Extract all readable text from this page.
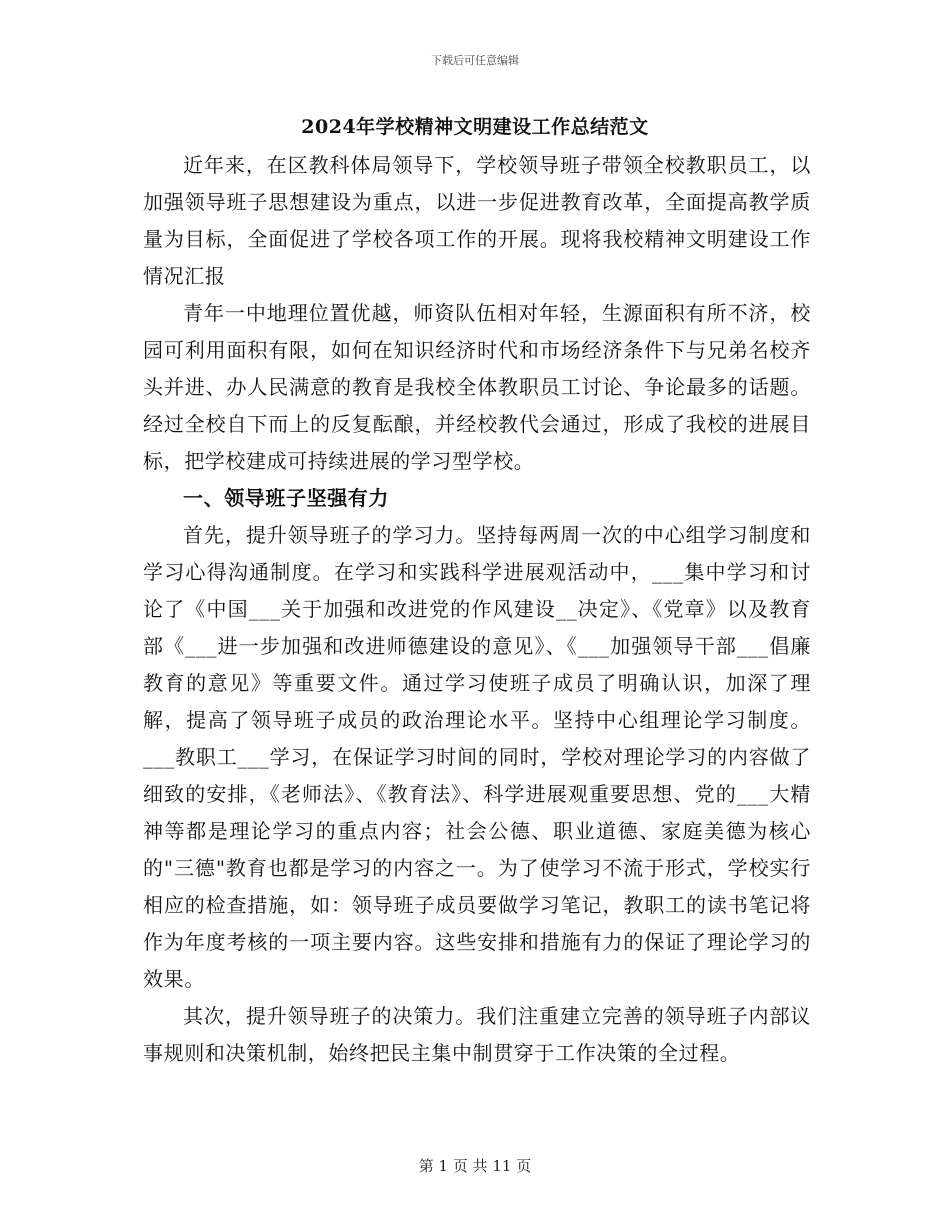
下载后可任意编辑
2024年学校精神文明建设工作总结范文

近年来，在区教科体局领导下，学校领导班子带领全校教职员工，以加强领导班子思想建设为重点，以进一步促进教育改革，全面提高教学质量为目标，全面促进了学校各项工作的开展。现将我校精神文明建设工作情况汇报

青年一中地理位置优越，师资队伍相对年轻，生源面积有所不济，校园可利用面积有限，如何在知识经济时代和市场经济条件下与兄弟名校齐头并进、办人民满意的教育是我校全体教职员工讨论、争论最多的话题。经过全校自下而上的反复酝酿，并经校教代会通过，形成了我校的进展目标，把学校建成可持续进展的学习型学校。

一、领导班子坚强有力

首先，提升领导班子的学习力。坚持每两周一次的中心组学习制度和学习心得沟通制度。在学习和实践科学进展观活动中，___集中学习和讨论了《中国___关于加强和改进党的作风建设__决定》、《党章》以及教育部《___进一步加强和改进师德建设的意见》、《___加强领导干部___倡廉教育的意见》等重要文件。通过学习使班子成员了明确认识，加深了理解，提高了领导班子成员的政治理论水平。坚持中心组理论学习制度。___教职工___学习，在保证学习时间的同时，学校对理论学习的内容做了细致的安排，《老师法》、《教育法》、科学进展观重要思想、党的___大精神等都是理论学习的重点内容；社会公德、职业道德、家庭美德为核心的"三德"教育也都是学习的内容之一。为了使学习不流于形式，学校实行相应的检查措施，如：领导班子成员要做学习笔记，教职工的读书笔记将作为年度考核的一项主要内容。这些安排和措施有力的保证了理论学习的效果。

其次，提升领导班子的决策力。我们注重建立完善的领导班子内部议事规则和决策机制，始终把民主集中制贯穿于工作决策的全过程。

第 1 页 共 11 页
